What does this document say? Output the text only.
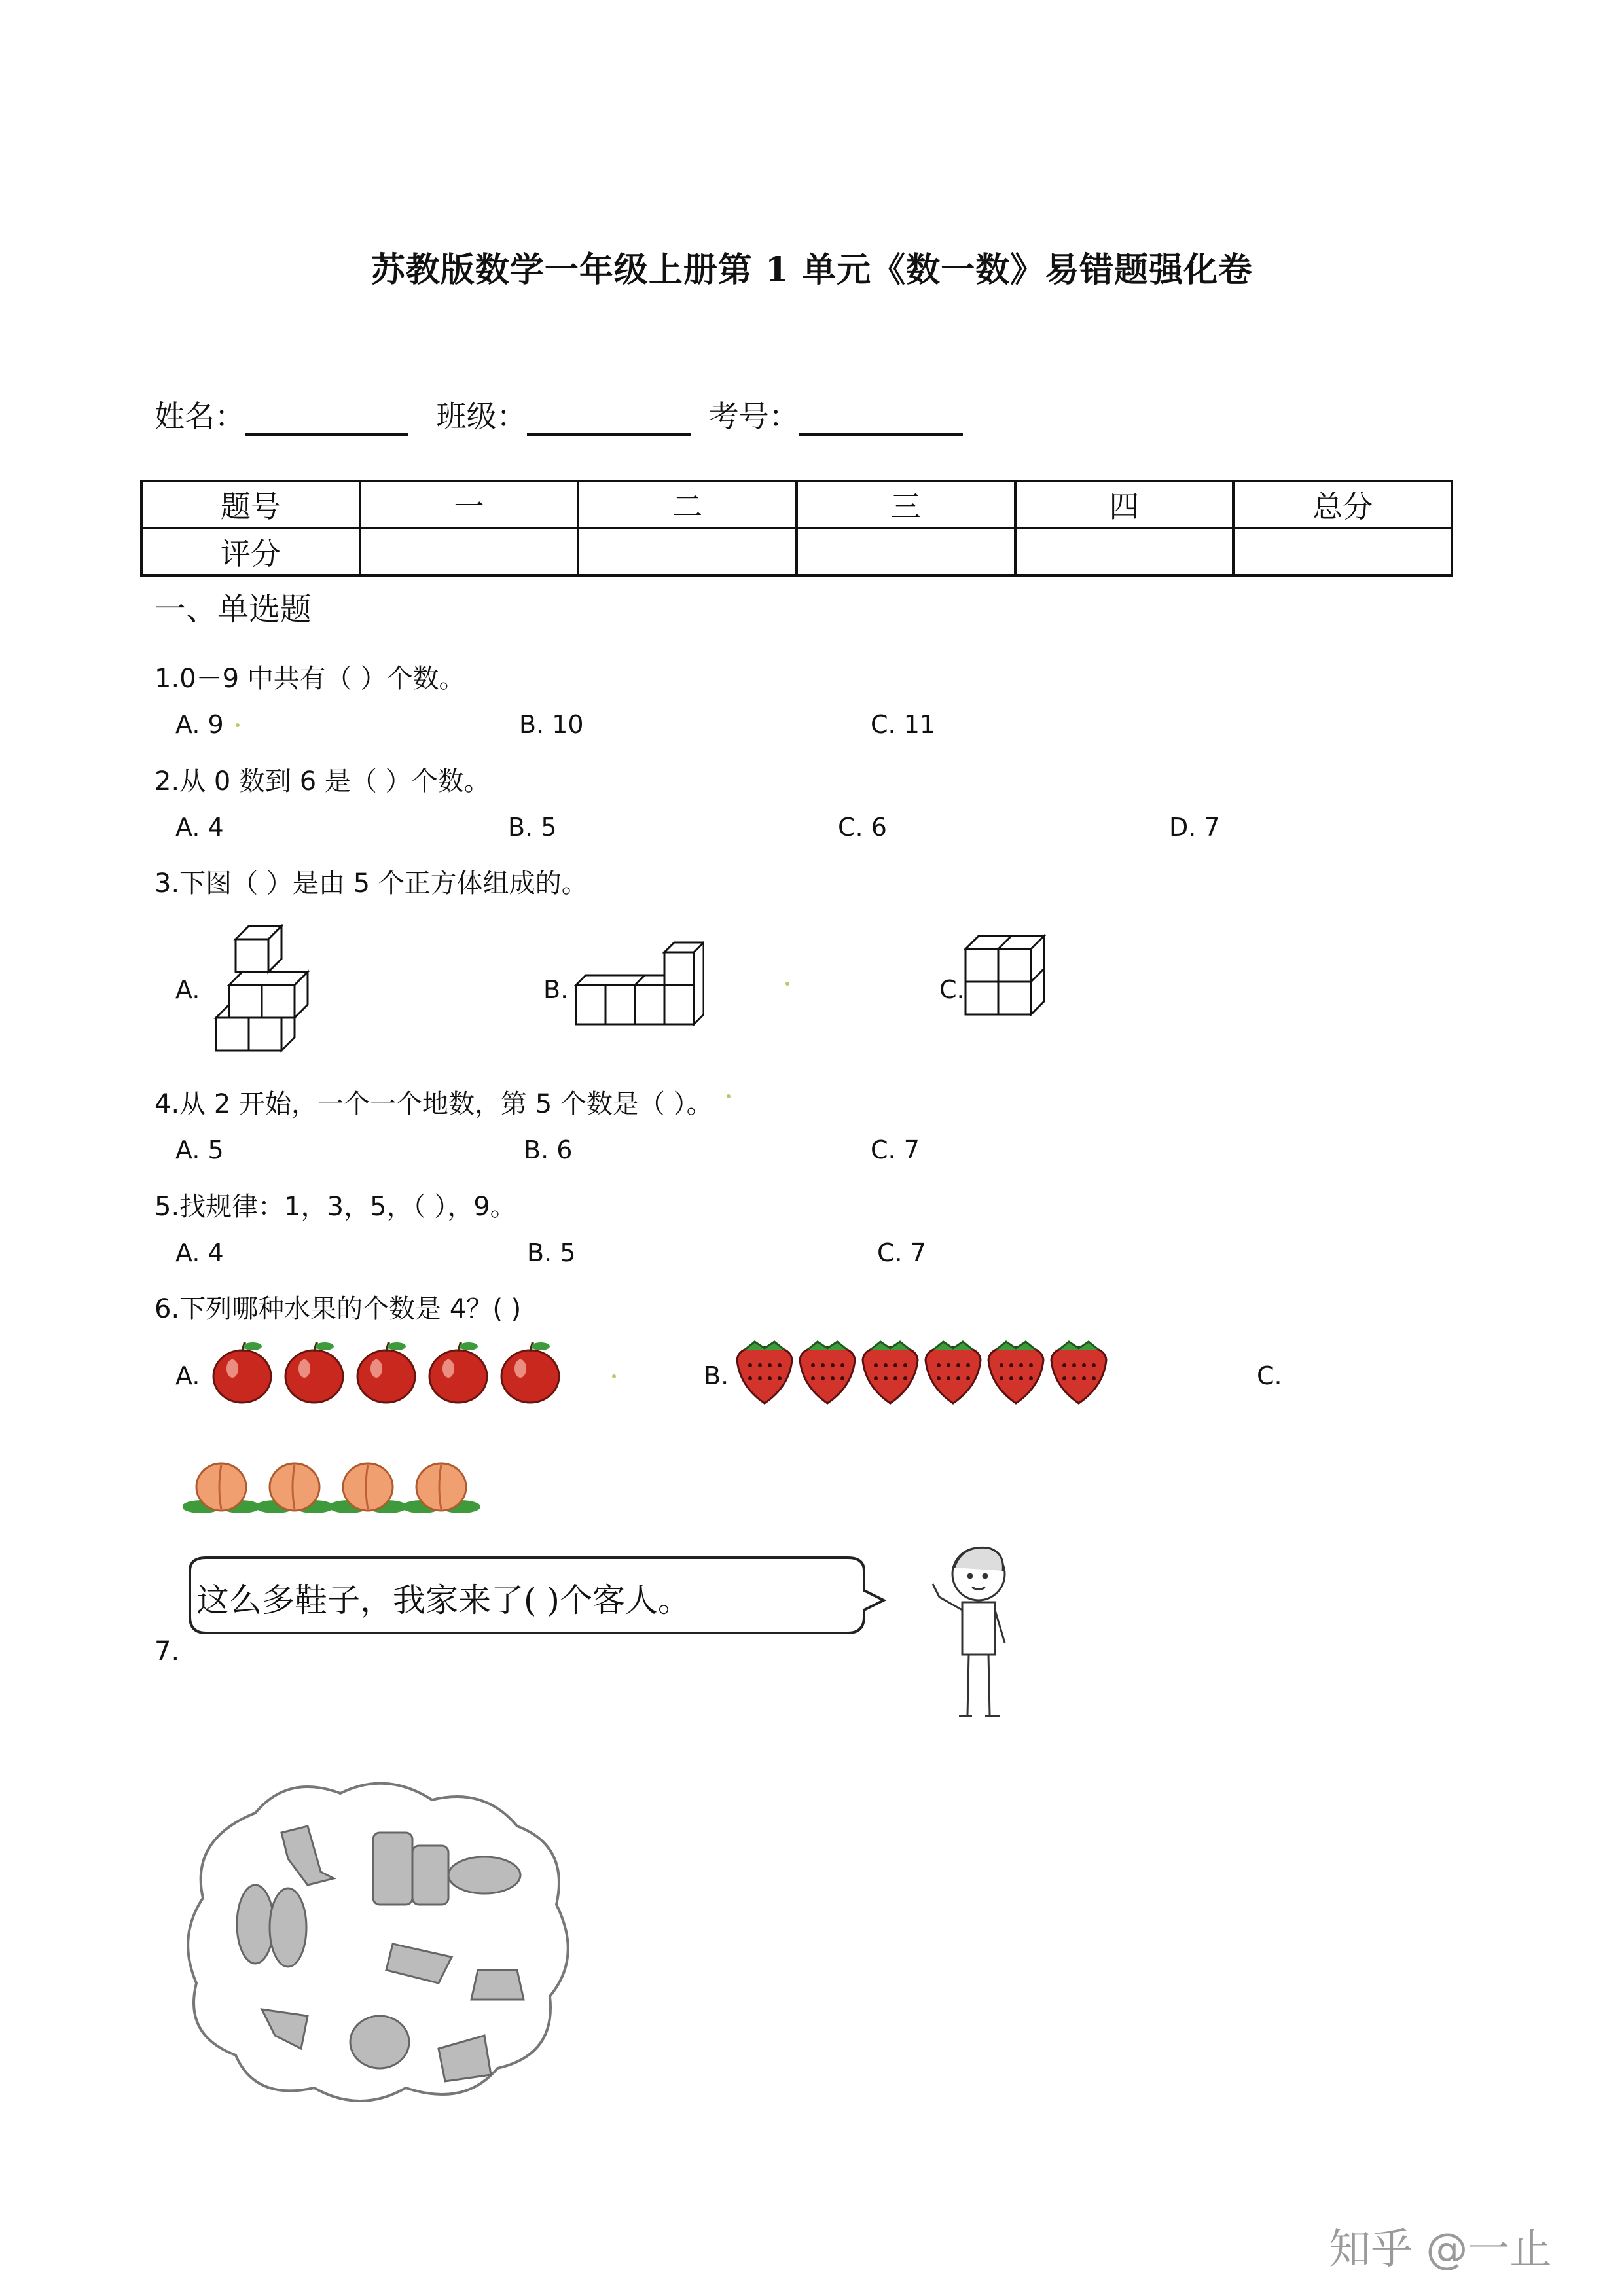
苏教版数学一年级上册第 1 单元《数一数》易错题强化卷
姓名：	班级：	考号：
题号	一	二	三	四	总分
评分					
一、单选题
1.0－9 中共有（ ）个数。
A. 9	B. 10	C. 11
2.从 0 数到 6 是（ ）个数。
A. 4	B. 5	C. 6	D. 7
3.下图（ ）是由 5 个正方体组成的。
A.	B.	C.
4.从 2 开始，一个一个地数，第 5 个数是（ ）。
A. 5	B. 6	C. 7
5.找规律：1，3，5，（ ），9。
A. 4	B. 5	C. 7
6.下列哪种水果的个数是 4？( )
A.	B.	C.
7.
这么多鞋子，我家来了( )个客人。
知乎 @一止
